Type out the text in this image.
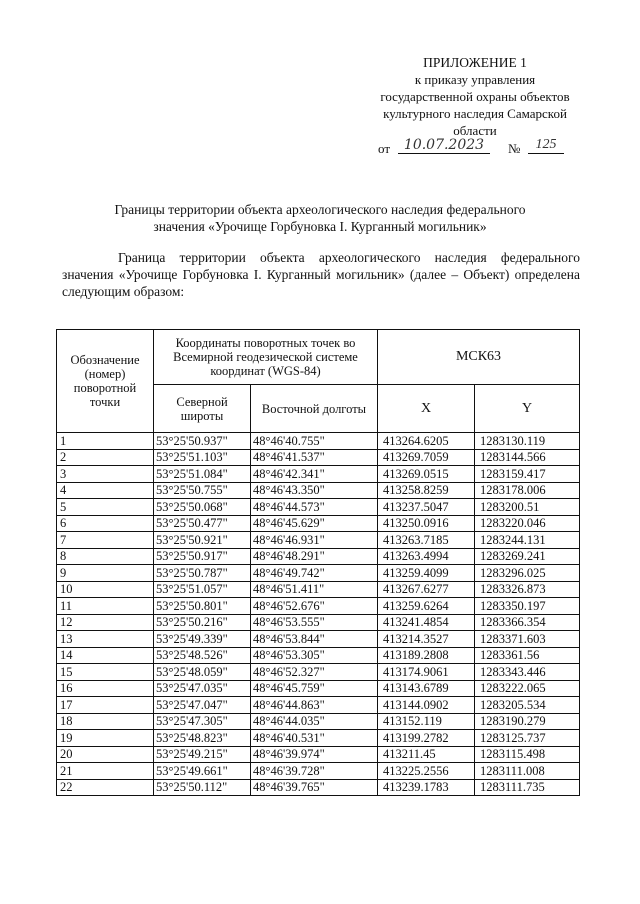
ПРИЛОЖЕНИЕ 1
к приказу управления
государственной охраны объектов
культурного наследия Самарской
области
от 10.07.2023	№	125
Границы территории объекта археологического наследия федерального
значения «Урочище Горбуновка I. Курганный могильник»
Граница территории объекта археологического наследия федерального значения «Урочище Горбуновка I. Курганный могильник» (далее – Объект) определена следующим образом:
Обозначение (номер) поворотной точки	Координаты поворотных точек во Всемирной геодезической системе координат (WGS-84)		МСК63	
	Северной широты	Восточной долготы	X	Y
1	53°25'50.937"	48°46'40.755"	413264.6205	1283130.119
2	53°25'51.103"	48°46'41.537"	413269.7059	1283144.566
3	53°25'51.084"	48°46'42.341"	413269.0515	1283159.417
4	53°25'50.755"	48°46'43.350"	413258.8259	1283178.006
5	53°25'50.068"	48°46'44.573"	413237.5047	1283200.51
6	53°25'50.477"	48°46'45.629"	413250.0916	1283220.046
7	53°25'50.921"	48°46'46.931"	413263.7185	1283244.131
8	53°25'50.917"	48°46'48.291"	413263.4994	1283269.241
9	53°25'50.787"	48°46'49.742"	413259.4099	1283296.025
10	53°25'51.057"	48°46'51.411"	413267.6277	1283326.873
11	53°25'50.801"	48°46'52.676"	413259.6264	1283350.197
12	53°25'50.216"	48°46'53.555"	413241.4854	1283366.354
13	53°25'49.339"	48°46'53.844"	413214.3527	1283371.603
14	53°25'48.526"	48°46'53.305"	413189.2808	1283361.56
15	53°25'48.059"	48°46'52.327"	413174.9061	1283343.446
16	53°25'47.035"	48°46'45.759"	413143.6789	1283222.065
17	53°25'47.047"	48°46'44.863"	413144.0902	1283205.534
18	53°25'47.305"	48°46'44.035"	413152.119	1283190.279
19	53°25'48.823"	48°46'40.531"	413199.2782	1283125.737
20	53°25'49.215"	48°46'39.974"	413211.45	1283115.498
21	53°25'49.661"	48°46'39.728"	413225.2556	1283111.008
22	53°25'50.112"	48°46'39.765"	413239.1783	1283111.735
